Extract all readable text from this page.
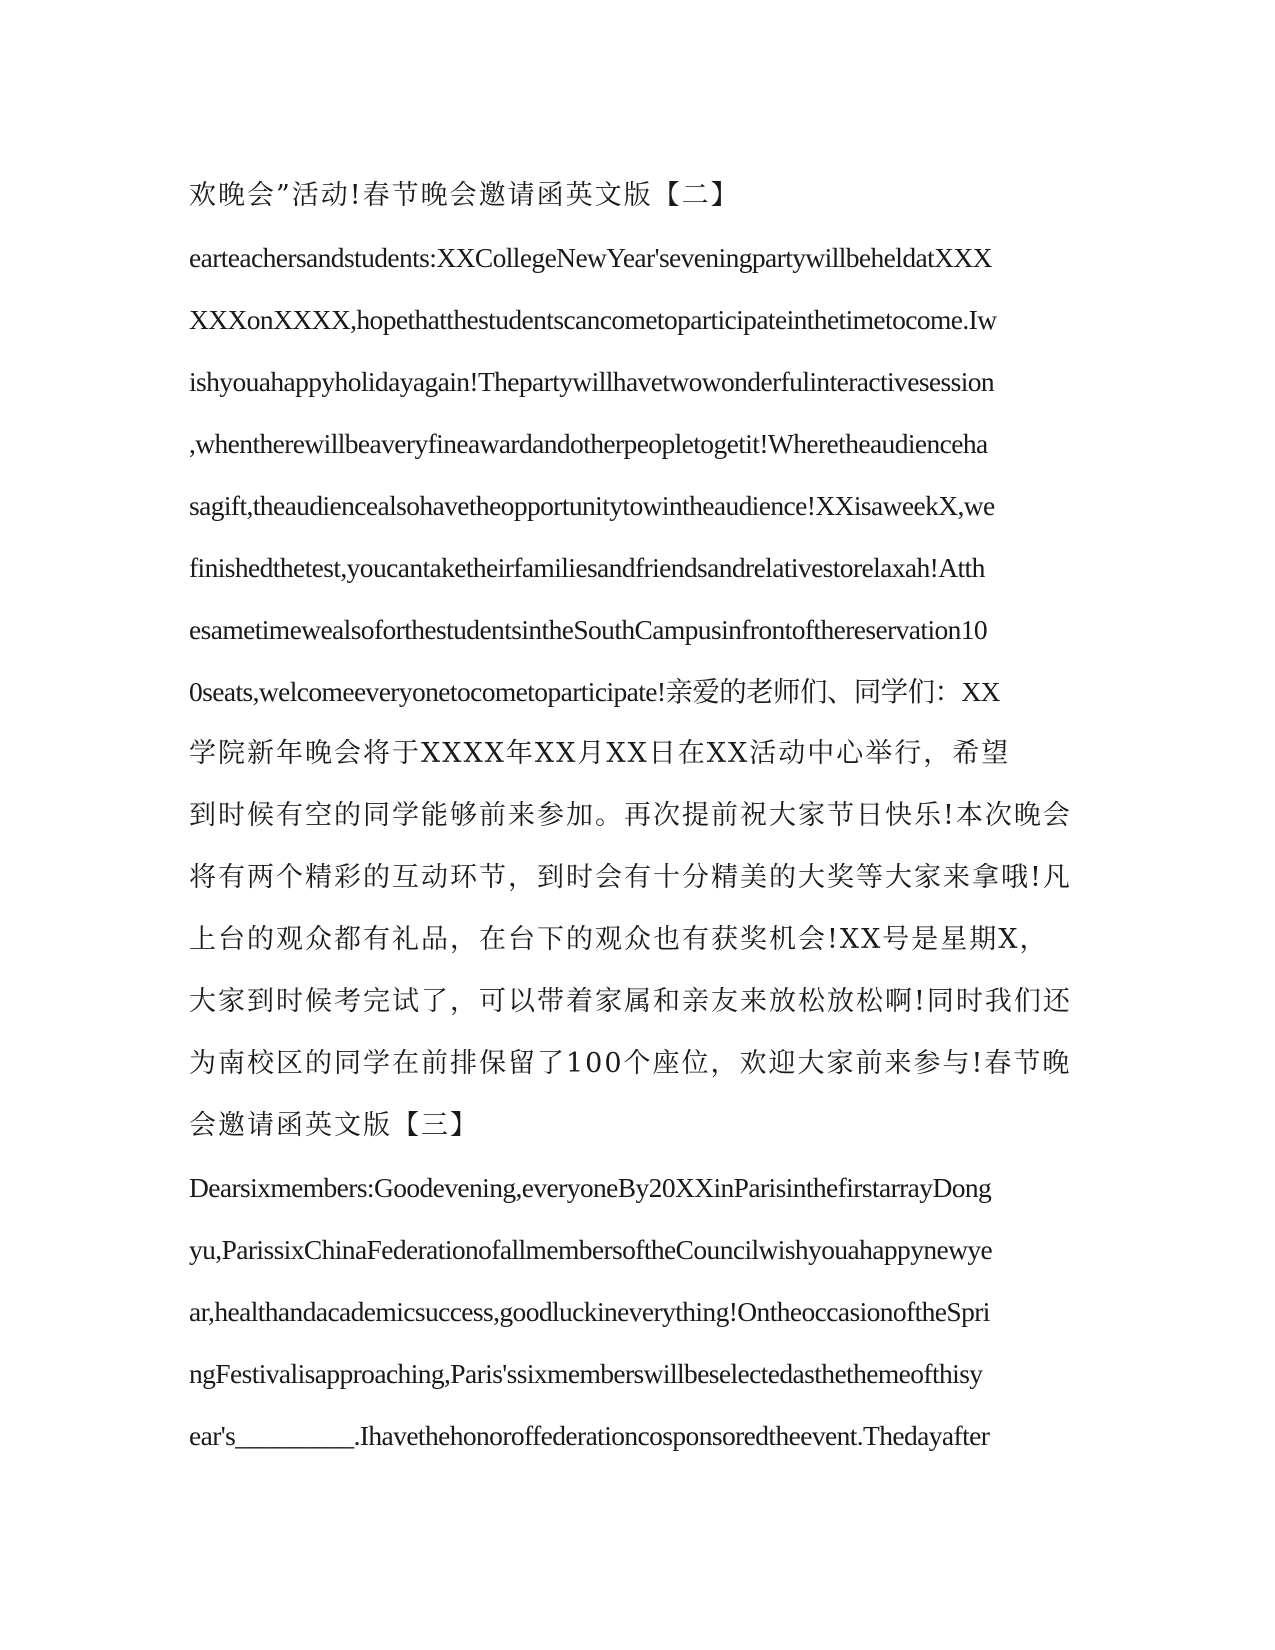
欢晚会”活动!春节晚会邀请函英文版【二】
earteachersandstudents:XXCollegeNewYear'seveningpartywillbeheldatXXX
XXXonXXXX,hopethatthestudentscancometoparticipateinthetimetocome.Iw
ishyouahappyholidayagain!Thepartywillhavetwowonderfulinteractivesession
,whentherewillbeaveryfineawardandotherpeopletogetit!Wheretheaudienceha
sagift,theaudiencealsohavetheopportunitytowintheaudience!XXisaweekX,we
finishedthetest,youcantaketheirfamiliesandfriendsandrelativestorelaxah!Atth
esametimewealsoforthestudentsintheSouthCampusinfrontofthereservation10
0seats,welcomeeveryonetocometoparticipate!亲爱的老师们、同学们：XX
学院新年晚会将于XXXX年XX月XX日在XX活动中心举行，希望
到时候有空的同学能够前来参加。再次提前祝大家节日快乐!本次晚会
将有两个精彩的互动环节，到时会有十分精美的大奖等大家来拿哦!凡
上台的观众都有礼品，在台下的观众也有获奖机会!XX号是星期X，
大家到时候考完试了，可以带着家属和亲友来放松放松啊!同时我们还
为南校区的同学在前排保留了100个座位，欢迎大家前来参与!春节晚
会邀请函英文版【三】
Dearsixmembers:Goodevening,everyoneBy20XXinParisinthefirstarrayDong
yu,ParissixChinaFederationofallmembersoftheCouncilwishyouahappynewye
ar,healthandacademicsuccess,goodluckineverything!OntheoccasionoftheSpri
ngFestivalisapproaching,Paris'ssixmemberswillbeselectedasthethemeofthisy
ear's_________.Ihavethehonoroffederationcosponsoredtheevent.Thedayafter
